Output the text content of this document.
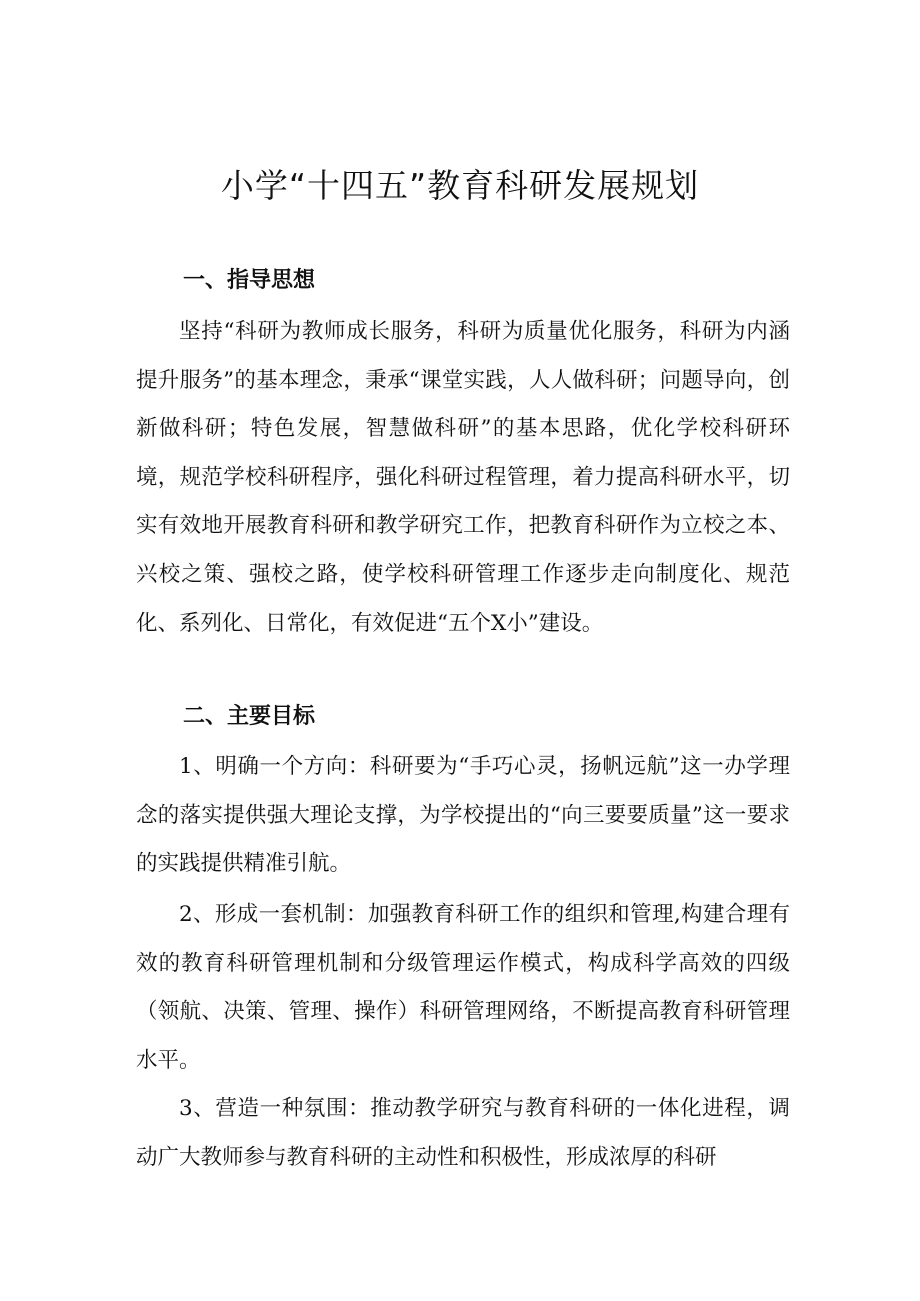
小学“十四五”教育科研发展规划
一、指导思想

坚持“科研为教师成长服务，科研为质量优化服务，科研为内涵提升服务”的基本理念，秉承“课堂实践，人人做科研；问题导向，创新做科研；特色发展，智慧做科研”的基本思路，优化学校科研环境，规范学校科研程序，强化科研过程管理，着力提高科研水平，切实有效地开展教育科研和教学研究工作，把教育科研作为立校之本、兴校之策、强校之路，使学校科研管理工作逐步走向制度化、规范化、系列化、日常化，有效促进“五个X小”建设。

二、主要目标

1、明确一个方向：科研要为“手巧心灵，扬帆远航”这一办学理念的落实提供强大理论支撑，为学校提出的“向三要要质量”这一要求的实践提供精准引航。

2、形成一套机制：加强教育科研工作的组织和管理,构建合理有效的教育科研管理机制和分级管理运作模式，构成科学高效的四级（领航、决策、管理、操作）科研管理网络，不断提高教育科研管理水平。

3、营造一种氛围：推动教学研究与教育科研的一体化进程，调动广大教师参与教育科研的主动性和积极性，形成浓厚的科研
